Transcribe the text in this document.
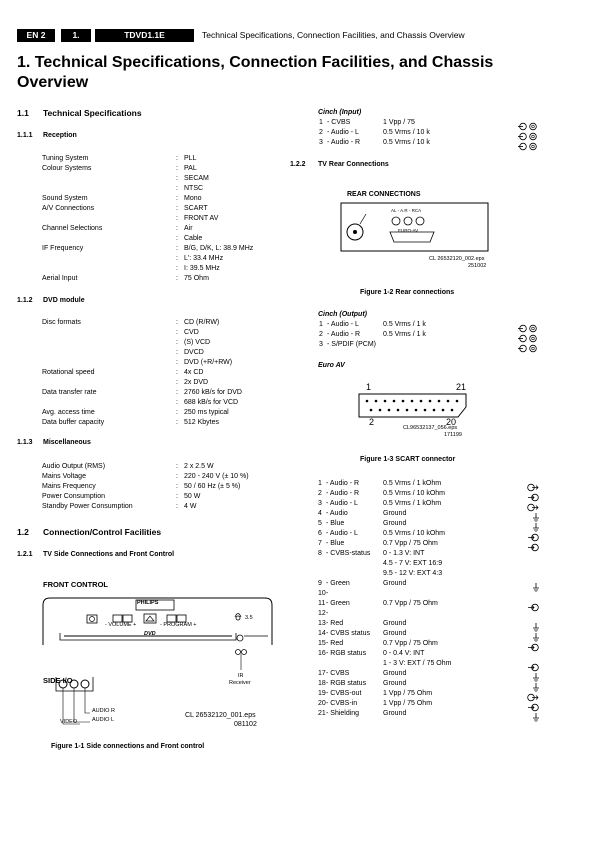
EN 2	1.	TDVD1.1E	Technical Specifications, Connection Facilities, and Chassis Overview
1. Technical Specifications, Connection Facilities, and Chassis
Overview
1.1 Technical Specifications
1.1.1 Reception
Tuning System	: PLL
Colour Systems	: PAL
: SECAM
: NTSC
Sound System	: Mono
A/V Connections	: SCART
: FRONT AV
Channel Selections	: Air
: Cable
IF Frequency	: B/G, D/K, L: 38.9 MHz
: L': 33.4 MHz
: I: 39.5 MHz
Aerial Input	: 75 Ohm
1.1.2 DVD module
Disc formats	: CD (R/RW)
: CVD
: (S) VCD
: DVCD
: DVD (+R/+RW)
Rotational speed	: 4x CD
: 2x DVD
Data transfer rate	: 2760 kB/s for DVD
: 688 kB/s for VCD
Avg. access time	: 250 ms typical
Data buffer capacity	: 512 Kbytes
1.1.3 Miscellaneous
Audio Output (RMS)	: 2 x 2.5 W
Mains Voltage	: 220 - 240 V (± 10 %)
Mains Frequency	: 50 / 60 Hz (± 5 %)
Power Consumption	: 50 W
Standby Power Consumption	: 4 W
1.2 Connection/Control Facilities
1.2.1 TV Side Connections and Front Control
FRONT CONTROL
PHILIPS
- VOLUME +	- PROGRAM +
DVD
3.5
IR
Receiver
SIDE I/O
AUDIO R
AUDIO L
VIDEO
CL 26532120_001.eps
081102
Figure 1-1 Side connections and Front control
Cinch (Input)
1 - CVBS	1 Vpp / 75
2 - Audio - L	0.5 Vrms / 10 k
3 - Audio - R	0.5 Vrms / 10 k
1.2.2 TV Rear Connections
REAR CONNECTIONS
AL - A.R - RCA
EURO-AV
CL 26532120_002.eps
251002
Figure 1-2 Rear connections
Cinch (Output)
1 - Audio - L	0.5 Vrms / 1 k
2 - Audio - R	0.5 Vrms / 1 k
3 - S/PDIF (PCM)
Euro AV
1	21
2	20
CL96532137_056.eps
171199
Figure 1-3 SCART connector
1 - Audio - R	0.5 Vrms / 1 kOhm
2 - Audio - R	0.5 Vrms / 10 kOhm
3 - Audio - L	0.5 Vrms / 1 kOhm
4 - Audio	Ground
5 - Blue	Ground
6 - Audio - L	0.5 Vrms / 10 kOhm
7 - Blue	0.7 Vpp / 75 Ohm
8 - CVBS-status 0 - 1.3 V: INT
4.5 - 7 V: EXT 16:9
9.5 - 12 V: EXT 4:3
9 - Green	Ground
10 -
11 - Green	0.7 Vpp / 75 Ohm
12 -
13 - Red	Ground
14 - CVBS status Ground
15 - Red	0.7 Vpp / 75 Ohm
16 - RGB status 0 - 0.4 V: INT
1 - 3 V: EXT / 75 Ohm
17 - CVBS	Ground
18 - RGB status Ground
19 - CVBS-out	1 Vpp / 75 Ohm
20 - CVBS-in	1 Vpp / 75 Ohm
21 - Shielding	Ground
